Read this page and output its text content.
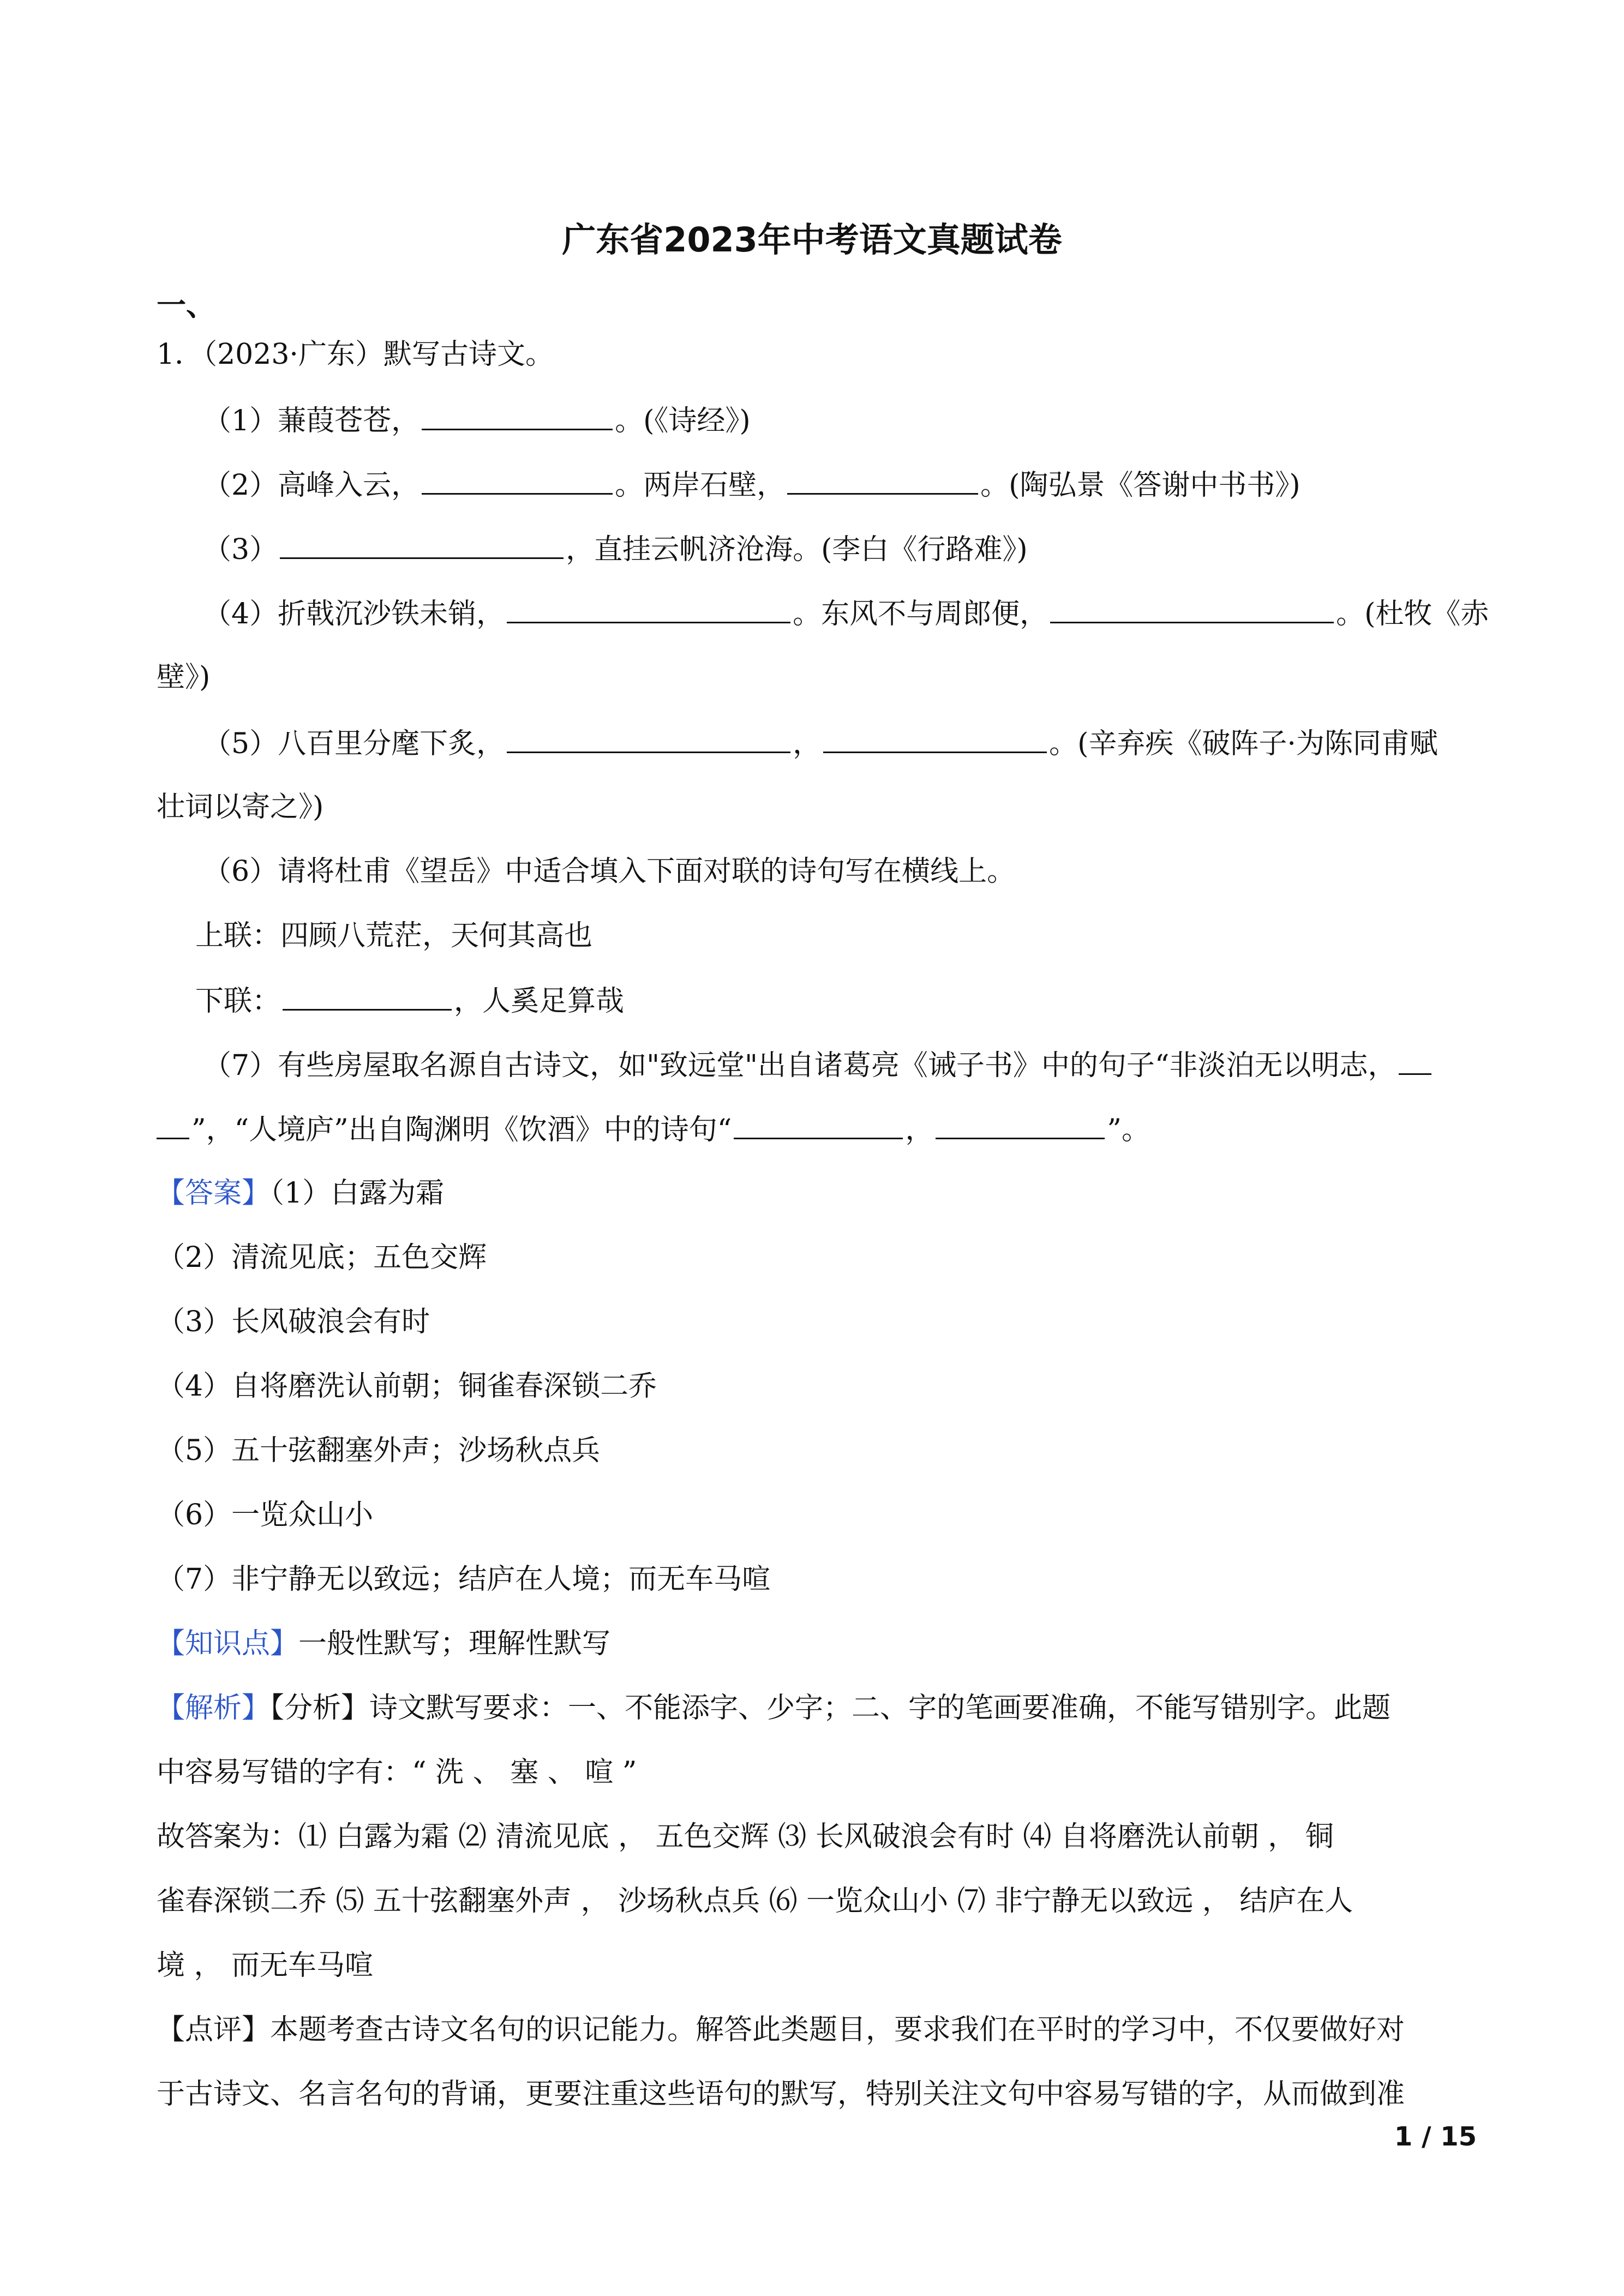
广东省2023年中考语文真题试卷
一、
1．（2023·广东）默写古诗文。
（1）蒹葭苍苍，	。(《诗经》)
（2）高峰入云，	。两岸石壁，	。(陶弘景《答谢中书书》)
（3）	，直挂云帆济沧海。(李白《行路难》)
（4）折戟沉沙铁未销，	。东风不与周郎便，	。(杜牧《赤
壁》)
（5）八百里分麾下炙，	，	。(辛弃疾《破阵子·为陈同甫赋
壮词以寄之》)
（6）请将杜甫《望岳》中适合填入下面对联的诗句写在横线上。
上联：四顾八荒茫，天何其高也
下联：	，人奚足算哉
（7）有些房屋取名源自古诗文，如"致远堂"出自诸葛亮《诫子书》中的句子“非淡泊无以明志，
”，“人境庐”出自陶渊明《饮酒》中的诗句“	，	”。
【答案】（1）白露为霜
（2）清流见底；五色交辉
（3）长风破浪会有时
（4）自将磨洗认前朝；铜雀春深锁二乔
（5）五十弦翻塞外声；沙场秋点兵
（6）一览众山小
（7）非宁静无以致远；结庐在人境；而无车马喧
【知识点】一般性默写；理解性默写
【解析】【分析】诗文默写要求：一、不能添字、少字；二、字的笔画要准确，不能写错别字。此题
中容易写错的字有：“ 洗 、 塞 、 喧 ”
故答案为：⑴ 白露为霜 ⑵ 清流见底 ， 五色交辉 ⑶ 长风破浪会有时 ⑷ 自将磨洗认前朝 ， 铜
雀春深锁二乔 ⑸ 五十弦翻塞外声 ， 沙场秋点兵 ⑹ 一览众山小 ⑺ 非宁静无以致远 ， 结庐在人
境 ， 而无车马喧
【点评】本题考查古诗文名句的识记能力。解答此类题目，要求我们在平时的学习中，不仅要做好对
于古诗文、名言名句的背诵，更要注重这些语句的默写，特别关注文句中容易写错的字，从而做到准
1 / 15
